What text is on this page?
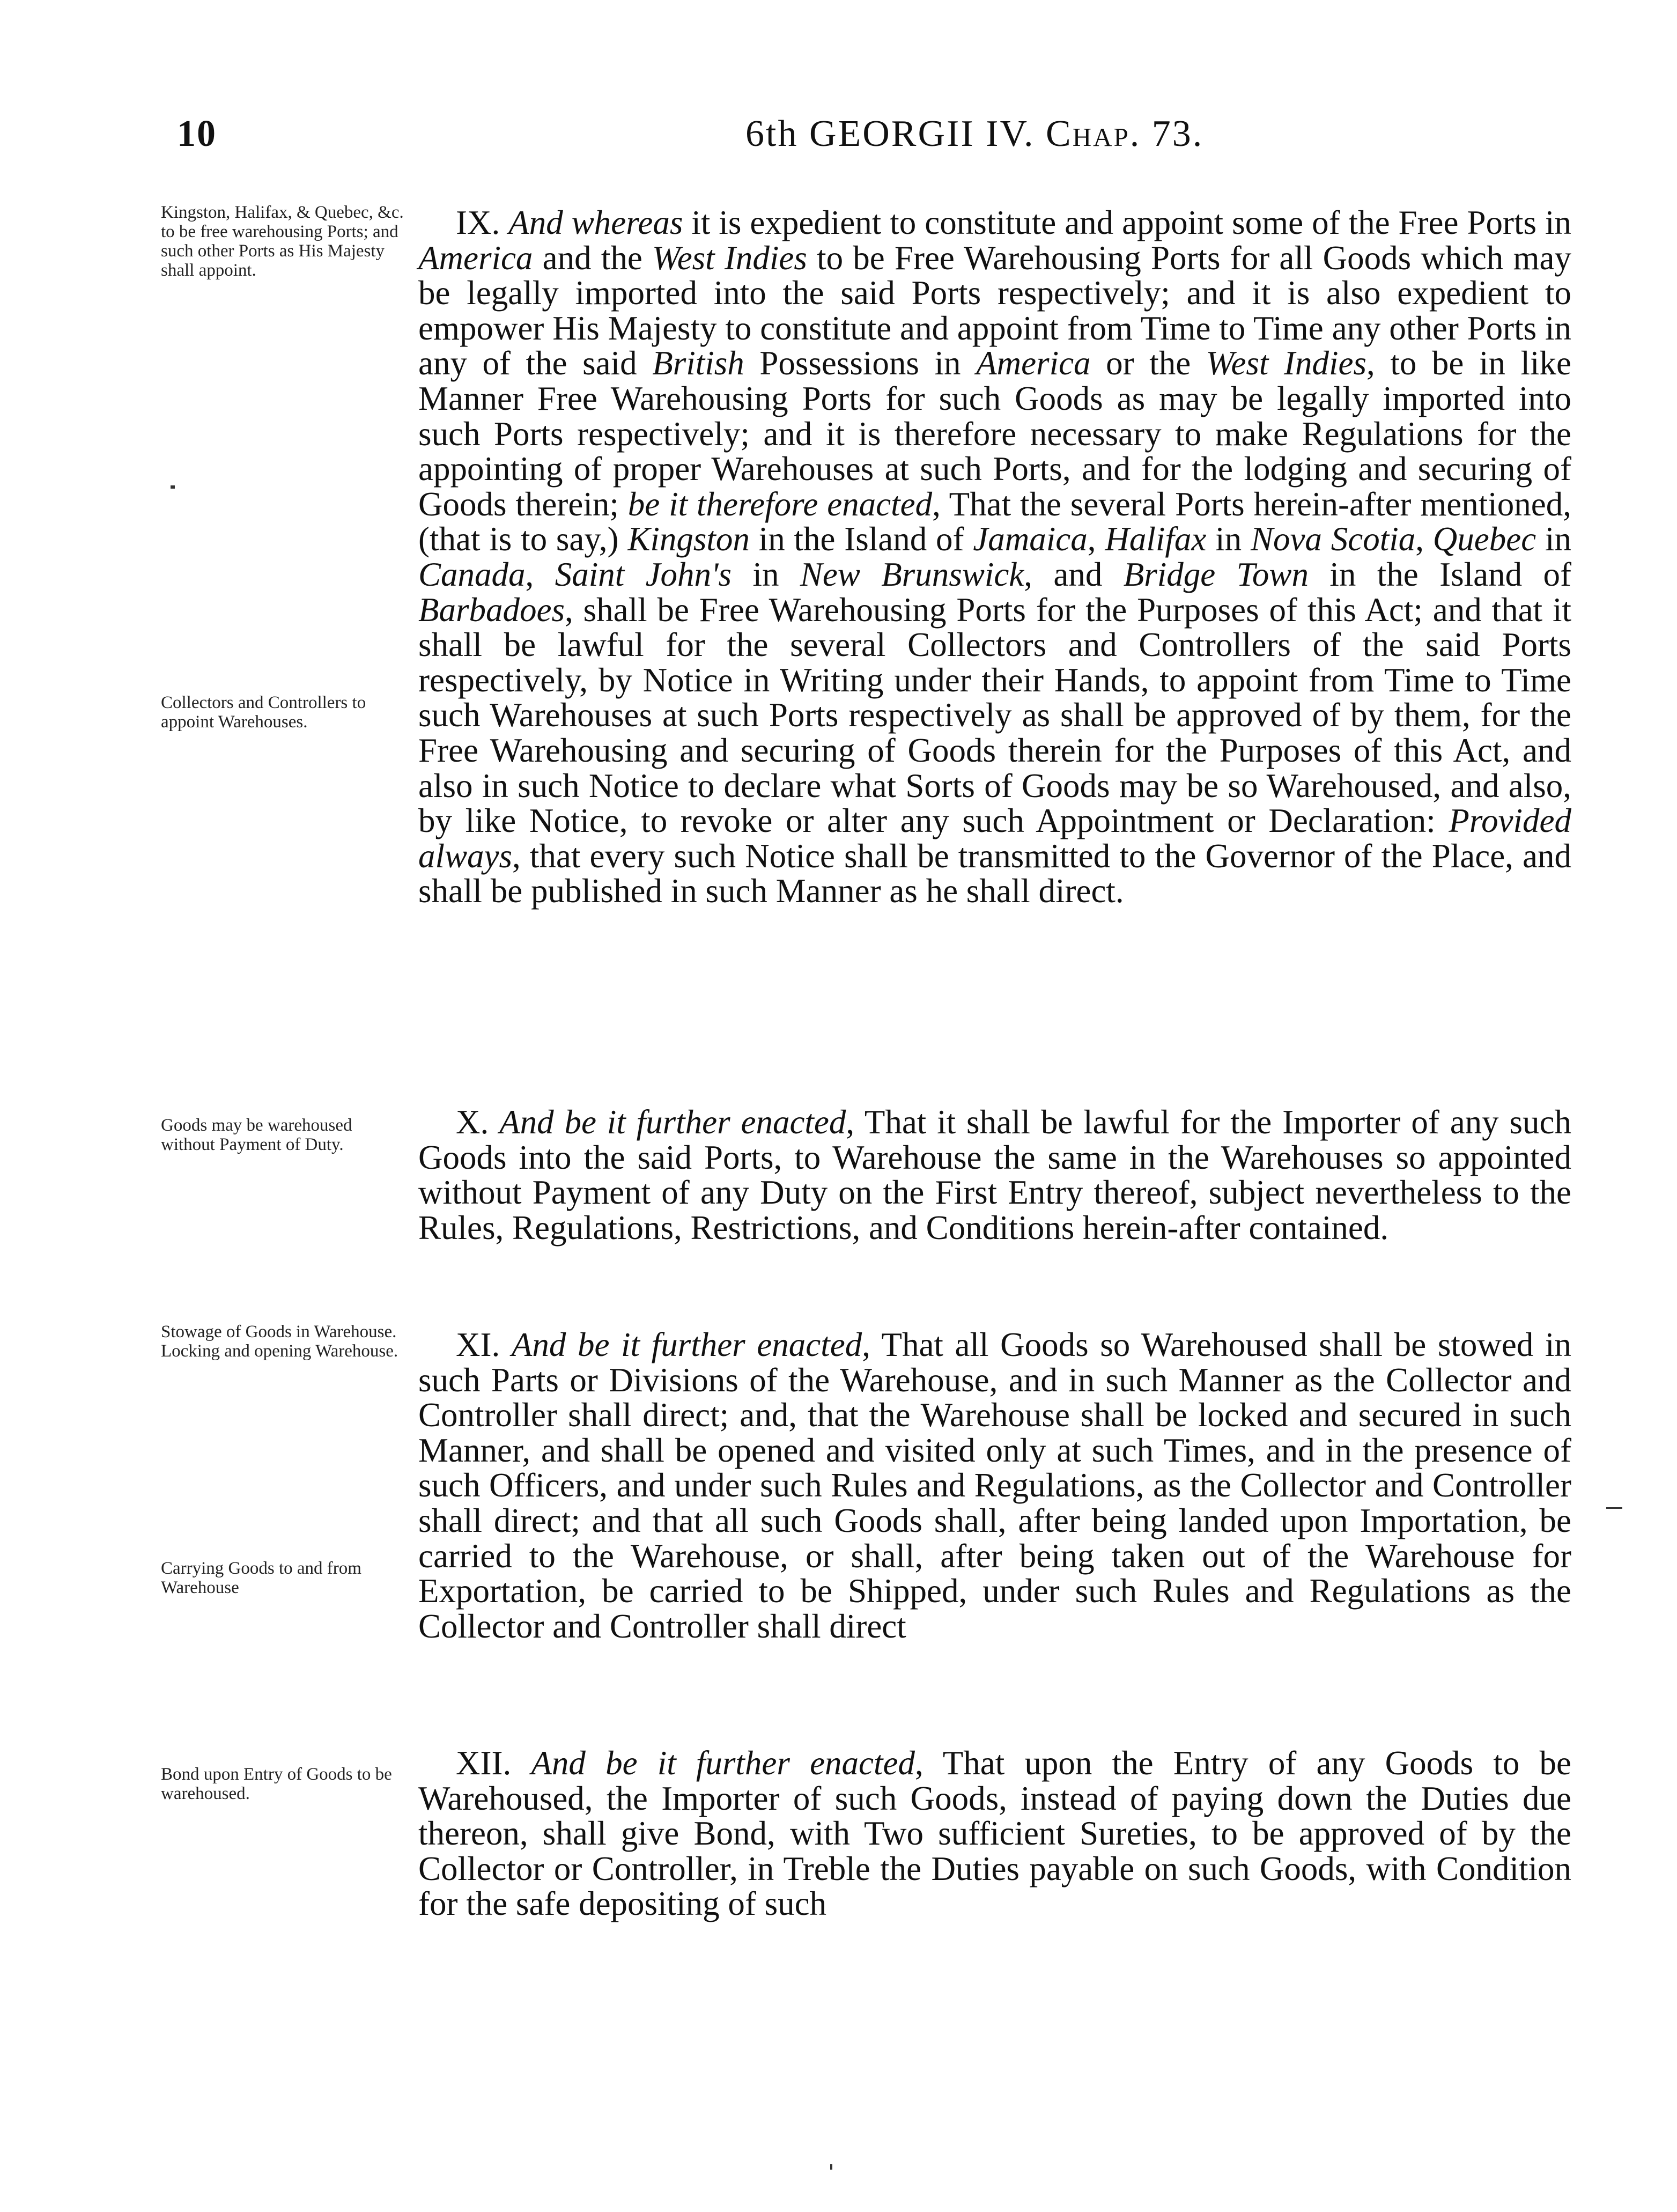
10	6th GEORGII IV. Chap. 73.
Kingston, Halifax, & Quebec, &c. to be free warehousing Ports; and such other Ports as His Majesty shall appoint.
Collectors and Controllers to appoint Warehouses.
Goods may be warehoused without Payment of Duty.
Stowage of Goods in Warehouse. Locking and opening Warehouse.
Carrying Goods to and from Warehouse
Bond upon Entry of Goods to be warehoused.

IX. And whereas it is expedient to constitute and appoint some of the Free Ports in America and the West Indies to be Free Warehousing Ports for all Goods which may be legally imported into the said Ports respectively; and it is also expedient to empower His Majesty to constitute and appoint from Time to Time any other Ports in any of the said British Possessions in America or the West Indies, to be in like Manner Free Warehousing Ports for such Goods as may be legally imported into such Ports respectively; and it is therefore necessary to make Regulations for the appointing of proper Warehouses at such Ports, and for the lodging and securing of Goods therein; be it therefore enacted, That the several Ports herein-after mentioned, (that is to say,) Kingston in the Island of Jamaica, Halifax in Nova Scotia, Quebec in Canada, Saint John's in New Brunswick, and Bridge Town in the Island of Barbadoes, shall be Free Warehousing Ports for the Purposes of this Act; and that it shall be lawful for the several Collectors and Controllers of the said Ports respectively, by Notice in Writing under their Hands, to appoint from Time to Time such Warehouses at such Ports respectively as shall be approved of by them, for the Free Warehousing and securing of Goods therein for the Purposes of this Act, and also in such Notice to declare what Sorts of Goods may be so Warehoused, and also, by like Notice, to revoke or alter any such Appointment or Declaration: Provided always, that every such Notice shall be transmitted to the Governor of the Place, and shall be published in such Manner as he shall direct.

X. And be it further enacted, That it shall be lawful for the Importer of any such Goods into the said Ports, to Warehouse the same in the Warehouses so appointed without Payment of any Duty on the First Entry thereof, subject nevertheless to the Rules, Regulations, Restrictions, and Conditions herein-after contained.

XI. And be it further enacted, That all Goods so Warehoused shall be stowed in such Parts or Divisions of the Warehouse, and in such Manner as the Collector and Controller shall direct; and, that the Warehouse shall be locked and secured in such Manner, and shall be opened and visited only at such Times, and in the presence of such Officers, and under such Rules and Regulations, as the Collector and Controller shall direct; and that all such Goods shall, after being landed upon Importation, be carried to the Warehouse, or shall, after being taken out of the Warehouse for Exportation, be carried to be Shipped, under such Rules and Regulations as the Collector and Controller shall direct

XII. And be it further enacted, That upon the Entry of any Goods to be Warehoused, the Importer of such Goods, instead of paying down the Duties due thereon, shall give Bond, with Two sufficient Sureties, to be approved of by the Collector or Controller, in Treble the Duties payable on such Goods, with Condition for the safe depositing of such
